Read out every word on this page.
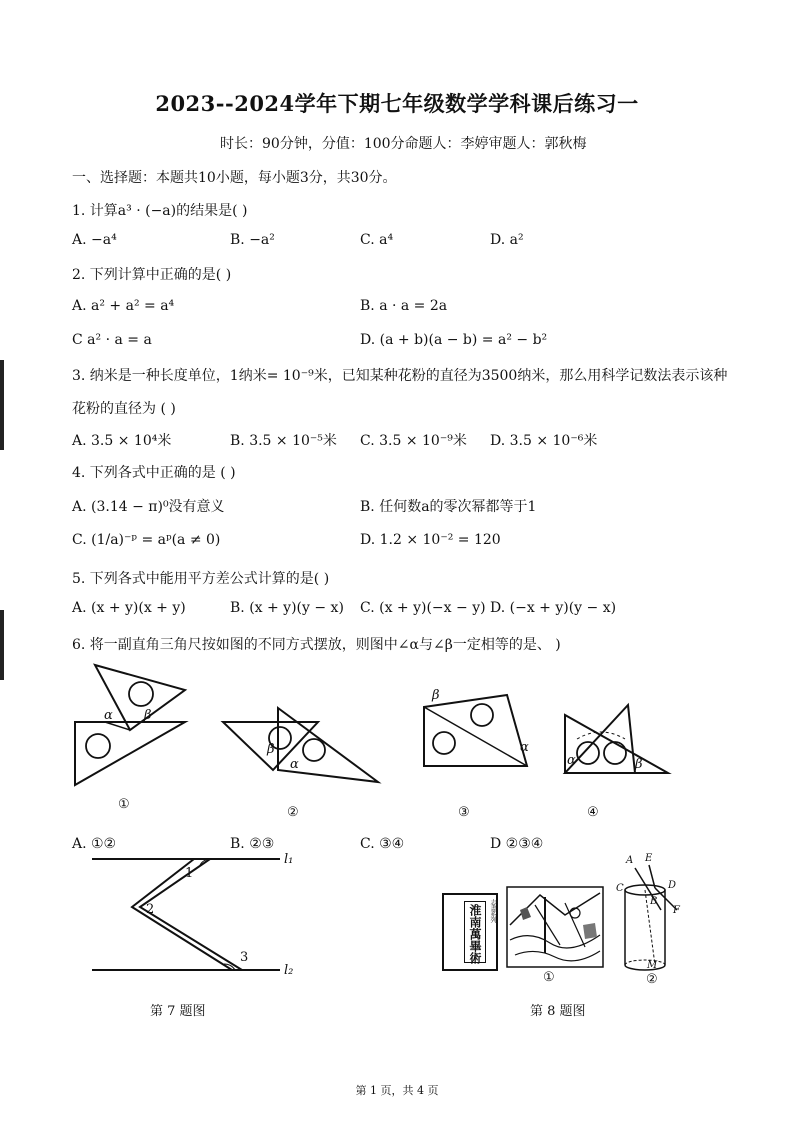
2023--2024学年下期七年级数学学科课后练习一
时长：90分钟，分值：100分命题人：李婷审题人：郭秋梅
一、选择题：本题共10小题，每小题3分，共30分。
1. 计算a³ · (−a)的结果是( )
A. −a⁴	B. −a²	C. a⁴	D. a²
2. 下列计算中正确的是( )
A. a² + a² = a⁴	B. a · a = 2a
C a² · a = a	D. (a + b)(a − b) = a² − b²
3. 纳米是一种长度单位，1纳米= 10⁻⁹米，已知某种花粉的直径为3500纳米，那么用科学记数法表示该种
花粉的直径为 ( )
A. 3.5 × 10⁴米	B. 3.5 × 10⁻⁵米 C. 3.5 × 10⁻⁹米 D. 3.5 × 10⁻⁶米
4. 下列各式中正确的是 ( )
A. (3.14 − π)⁰没有意义	B. 任何数a的零次幂都等于1
C. (1/a)⁻ᵖ = aᵖ(a ≠ 0)	D. 1.2 × 10⁻² = 120
5. 下列各式中能用平方差公式计算的是( )
A. (x + y)(x + y)	B. (x + y)(y − x) C. (x + y)(−x − y) D. (−x + y)(y − x)
6. 将一副直角三角尺按如图的不同方式摆放，则图中∠α与∠β一定相等的是、 )
α β
①
β
α
②
β
α
③
α	β
④
A. ①②	B. ②③	C. ③④	D ②③④
l₁
l₂
1
2
3
第 7 题图
淮南萬畢術	志書系列
①
A E
C	D
B
F
M
②
第 8 题图
第 1 页，共 4 页
